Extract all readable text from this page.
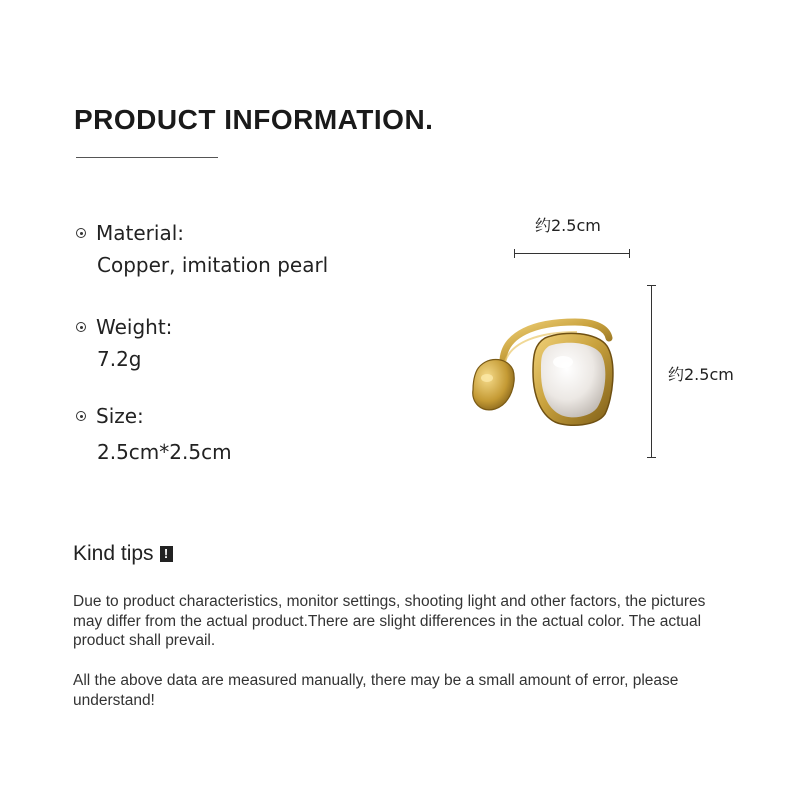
PRODUCT INFORMATION.
Material:
Copper, imitation pearl
Weight:
7.2g
Size:
2.5cm*2.5cm
约2.5cm
约2.5cm
Kind tips !
Due to product characteristics, monitor settings, shooting light and other factors, the pictures may differ from the actual product.There are slight differences in the actual color. The actual product shall prevail.
All the above data are measured manually, there may be a small amount of error, please understand!
